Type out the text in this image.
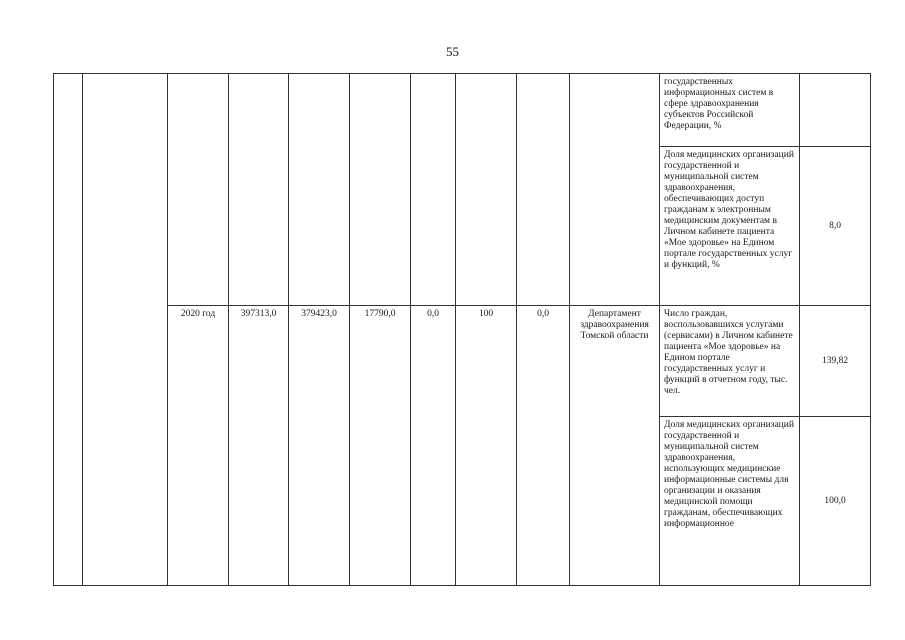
55

										государственных информационных систем в сфере здравоохранения субъектов Российской Федерации, %	

										Доля медицинских организаций государственной и муниципальной систем здравоохранения, обеспечивающих доступ гражданам к электронным медицинским документам в Личном кабинете пациента «Мое здоровье» на Едином портале государственных услуг и функций, %	8,0

		2020 год	397313,0	379423,0	17790,0	0,0	100	0,0	Департамент здравоохранения Томской области	Число граждан, воспользовавшихся услугами (сервисами) в Личном кабинете пациента «Мое здоровье» на Едином портале государственных услуг и функций в отчетном году, тыс. чел.	139,82

										Доля медицинских организаций государственной и муниципальной систем здравоохранения, использующих медицинские информационные системы для организации и оказания медицинской помощи гражданам, обеспечивающих информационное	100,0
